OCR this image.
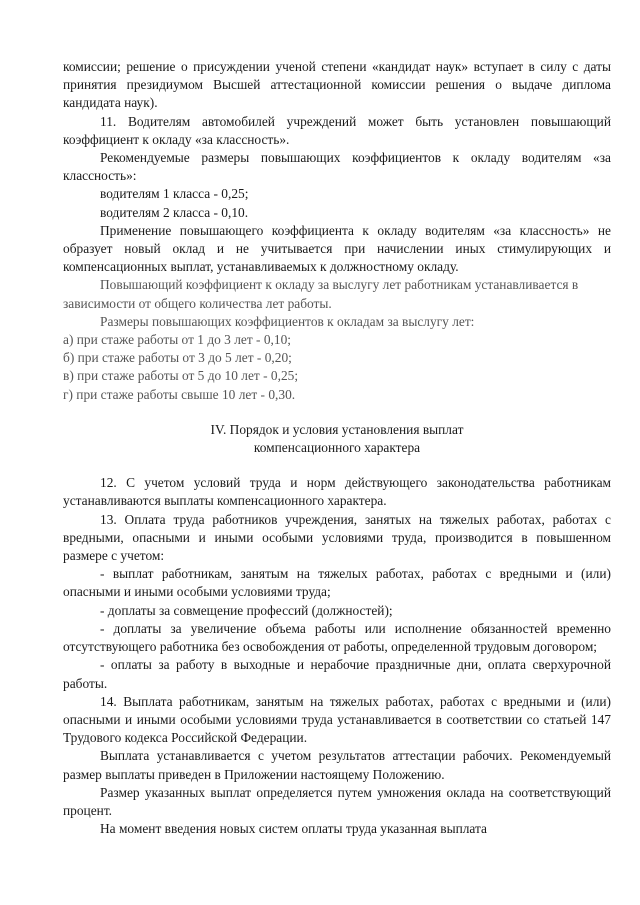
комиссии; решение о присуждении ученой степени «кандидат наук» вступает в силу с даты принятия президиумом Высшей аттестационной комиссии решения о выдаче диплома кандидата наук).

11. Водителям автомобилей учреждений может быть установлен повышающий коэффициент к окладу «за классность».

Рекомендуемые размеры повышающих коэффициентов к окладу водителям «за классность»:

водителям 1 класса - 0,25;

водителям 2 класса - 0,10.

Применение повышающего коэффициента к окладу водителям «за классность» не образует новый оклад и не учитывается при начислении иных стимулирующих и компенсационных выплат, устанавливаемых к должностному окладу.

Повышающий коэффициент к окладу за выслугу лет работникам устанавливается в зависимости от общего количества лет работы.

Размеры повышающих коэффициентов к окладам за выслугу лет:

а) при стаже работы от 1 до 3 лет - 0,10;

б) при стаже работы от 3 до 5 лет - 0,20;

в) при стаже работы от 5 до 10 лет - 0,25;

г) при стаже работы свыше 10 лет - 0,30.

IV. Порядок и условия установления выплат

компенсационного характера

12. С учетом условий труда и норм действующего законодательства работникам устанавливаются выплаты компенсационного характера.

13. Оплата труда работников учреждения, занятых на тяжелых работах, работах с вредными, опасными и иными особыми условиями труда, производится в повышенном размере с учетом:

- выплат работникам, занятым на тяжелых работах, работах с вредными и (или) опасными и иными особыми условиями труда;

- доплаты за совмещение профессий (должностей);

- доплаты за увеличение объема работы или исполнение обязанностей временно отсутствующего работника без освобождения от работы, определенной трудовым договором;

- оплаты за работу в выходные и нерабочие праздничные дни, оплата сверхурочной работы.

14. Выплата работникам, занятым на тяжелых работах, работах с вредными и (или) опасными и иными особыми условиями труда устанавливается в соответствии со статьей 147 Трудового кодекса Российской Федерации.

Выплата устанавливается с учетом результатов аттестации рабочих. Рекомендуемый размер выплаты приведен в Приложении настоящему Положению.

Размер указанных выплат определяется путем умножения оклада на соответствующий процент.

На момент введения новых систем оплаты труда указанная выплата
